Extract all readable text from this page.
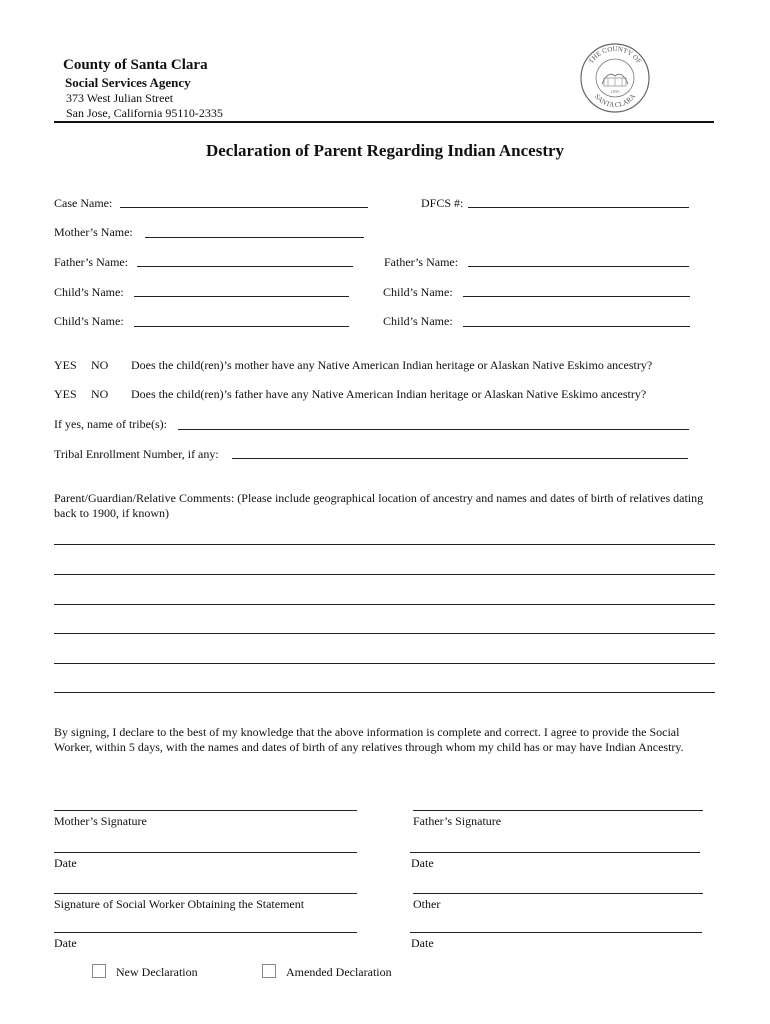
County of Santa Clara
Social Services Agency
373 West Julian Street
San Jose, California 95110-2335
THE COUNTY OF
SANTA CLARA
1850
Declaration of Parent Regarding Indian Ancestry
Case Name:	DFCS #:
Mother’s Name:
Father’s Name:	Father’s Name:
Child’s Name:	Child’s Name:
Child’s Name:	Child’s Name:
YES NO Does the child(ren)’s mother have any Native American Indian heritage or Alaskan Native Eskimo ancestry?
YES NO Does the child(ren)’s father have any Native American Indian heritage or Alaskan Native Eskimo ancestry?
If yes, name of tribe(s):
Tribal Enrollment Number, if any:
Parent/Guardian/Relative Comments: (Please include geographical location of ancestry and names and dates of birth of relatives dating back to 1900, if known)
By signing, I declare to the best of my knowledge that the above information is complete and correct. I agree to provide the Social Worker, within 5 days, with the names and dates of birth of any relatives through whom my child has or may have Indian Ancestry.
Mother’s Signature	Father’s Signature
Date	Date
Signature of Social Worker Obtaining the Statement	Other
Date	Date
New Declaration	Amended Declaration
